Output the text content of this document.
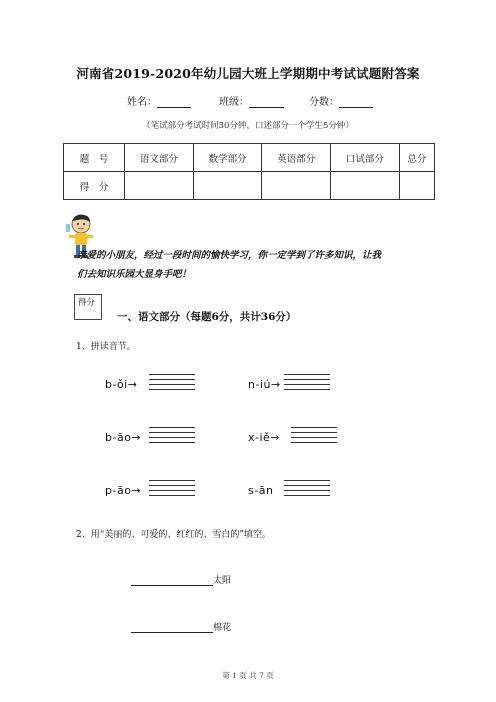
河南省2019-2020年幼儿园大班上学期期中考试试题附答案
姓名：	班级：	分数：
（笔试部分考试时间30分钟，口述部分一个学生5分钟）
题　号	语文部分	数学部分	英语部分	口试部分	总分
得　分					
亲爱的小朋友，经过一段时间的愉快学习，你一定学到了许多知识，让我
们去知识乐园大显身手吧！
得分
一、语文部分（每题6分，共计36分）
1、拼读音节。
b-ǒi→	n-iú→
b-āo→	x-iě→
p-āo→	s-ān
2、用“美丽的、可爱的、红红的、雪白的”填空。
太阳
棉花
第 1 页 共 7 页
